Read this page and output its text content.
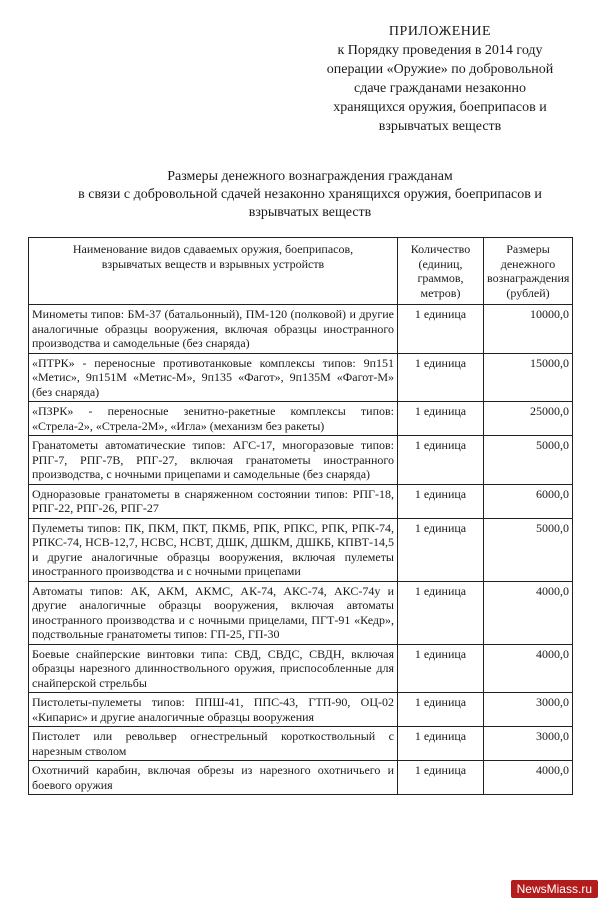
ПРИЛОЖЕНИЕ
к Порядку проведения в 2014 году
операции «Оружие» по добровольной
сдаче гражданами незаконно
хранящихся оружия, боеприпасов и
взрывчатых веществ
Размеры денежного вознаграждения гражданам
в связи с добровольной сдачей незаконно хранящихся оружия, боеприпасов и
взрывчатых веществ
Наименование видов сдаваемых оружия, боеприпасов, взрывчатых веществ и взрывных устройств	Количество (единиц, граммов, метров)	Размеры денежного вознаграждения (рублей)
Минометы типов: БМ-37 (батальонный), ПМ-120 (полковой) и другие аналогичные образцы вооружения, включая образцы иностранного производства и самодельные (без снаряда)	1 единица	10000,0
«ПТРК» - переносные противотанковые комплексы типов: 9п151 «Метис», 9п151М «Метис-М», 9п135 «Фагот», 9п135М «Фагот-М» (без снаряда)	1 единица	15000,0
«ПЗРК» - переносные зенитно-ракетные комплексы типов: «Стрела-2», «Стрела-2М», «Игла» (механизм без ракеты)	1 единица	25000,0
Гранатометы автоматические типов: АГС-17, многоразовые типов: РПГ-7, РПГ-7В, РПГ-27, включая гранатометы иностранного производства, с ночными прицепами и самодельные (без снаряда)	1 единица	5000,0
Одноразовые гранатометы в снаряженном состоянии типов: РПГ-18, РПГ-22, РПГ-26, РПГ-27	1 единица	6000,0
Пулеметы типов: ПК, ПКМ, ПКТ, ПКМБ, РПК, РПКС, РПК, РПК-74, РПКС-74, НСВ-12,7, НСВС, НСВТ, ДШК, ДШКМ, ДШКБ, КПВТ-14,5 и другие аналогичные образцы вооружения, включая пулеметы иностранного производства и с ночными прицепами	1 единица	5000,0
Автоматы типов: АК, АКМ, АКМС, АК-74, АКС-74, АКС-74у и другие аналогичные образцы вооружения, включая автоматы иностранного производства и с ночными прицелами, ПГТ-91 «Кедр», подствольные гранатометы типов: ГП-25, ГП-30	1 единица	4000,0
Боевые снайперские винтовки типа: СВД, СВДС, СВДН, включая образцы нарезного длинноствольного оружия, приспособленные для снайперской стрельбы	1 единица	4000,0
Пистолеты-пулеметы типов: ППШ-41, ППС-43, ГТП-90, ОЦ-02 «Кипарис» и другие аналогичные образцы вооружения	1 единица	3000,0
Пистолет или револьвер огнестрельный короткоствольный с нарезным стволом	1 единица	3000,0
Охотничий карабин, включая обрезы из нарезного охотничьего и боевого оружия	1 единица	4000,0
NewsMiass.ru
